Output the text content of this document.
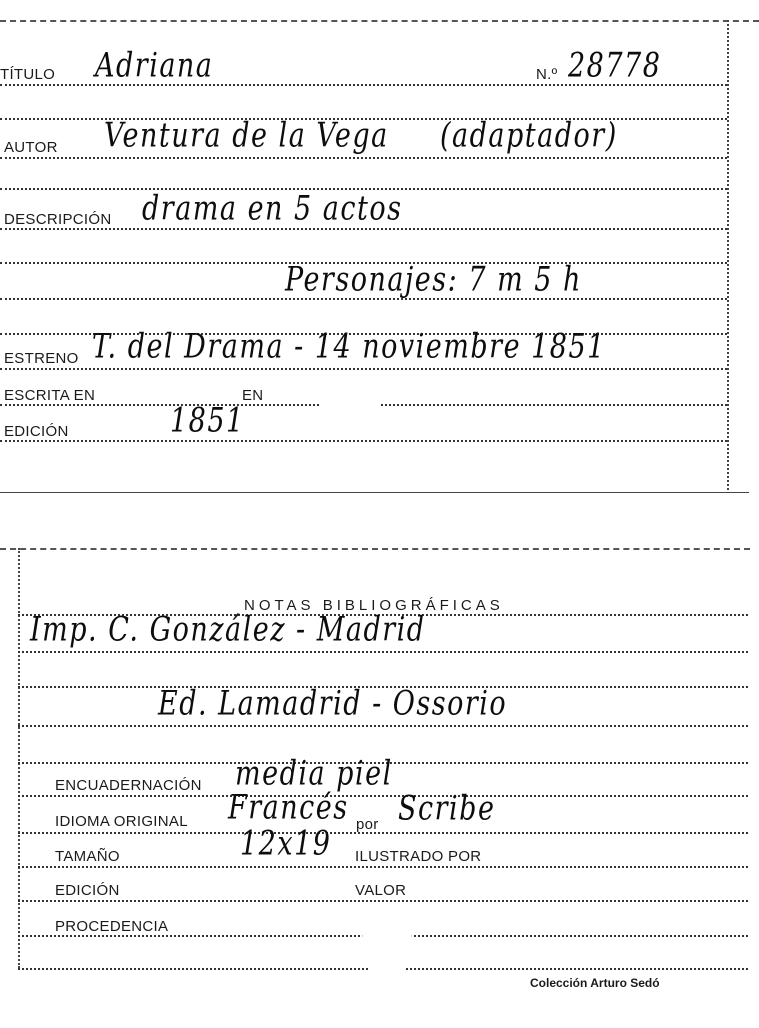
TÍTULO Adriana	N.º 28778
AUTOR Ventura de la Vega (adaptador)
DESCRIPCIÓN drama en 5 actos
Personajes: 7 m 5 h
ESTRENO T. del Drama - 14 noviembre 1851
ESCRITA EN	EN
EDICIÓN	1851
NOTAS BIBLIOGRÁFICAS
Imp. C. González - Madrid
Ed. Lamadrid - Ossorio
ENCUADERNACIÓN media piel
IDIOMA ORIGINAL Francés por Scribe
TAMAÑO	12x19 ILUSTRADO POR
EDICIÓN	VALOR
PROCEDENCIA
Colección Arturo Sedó
